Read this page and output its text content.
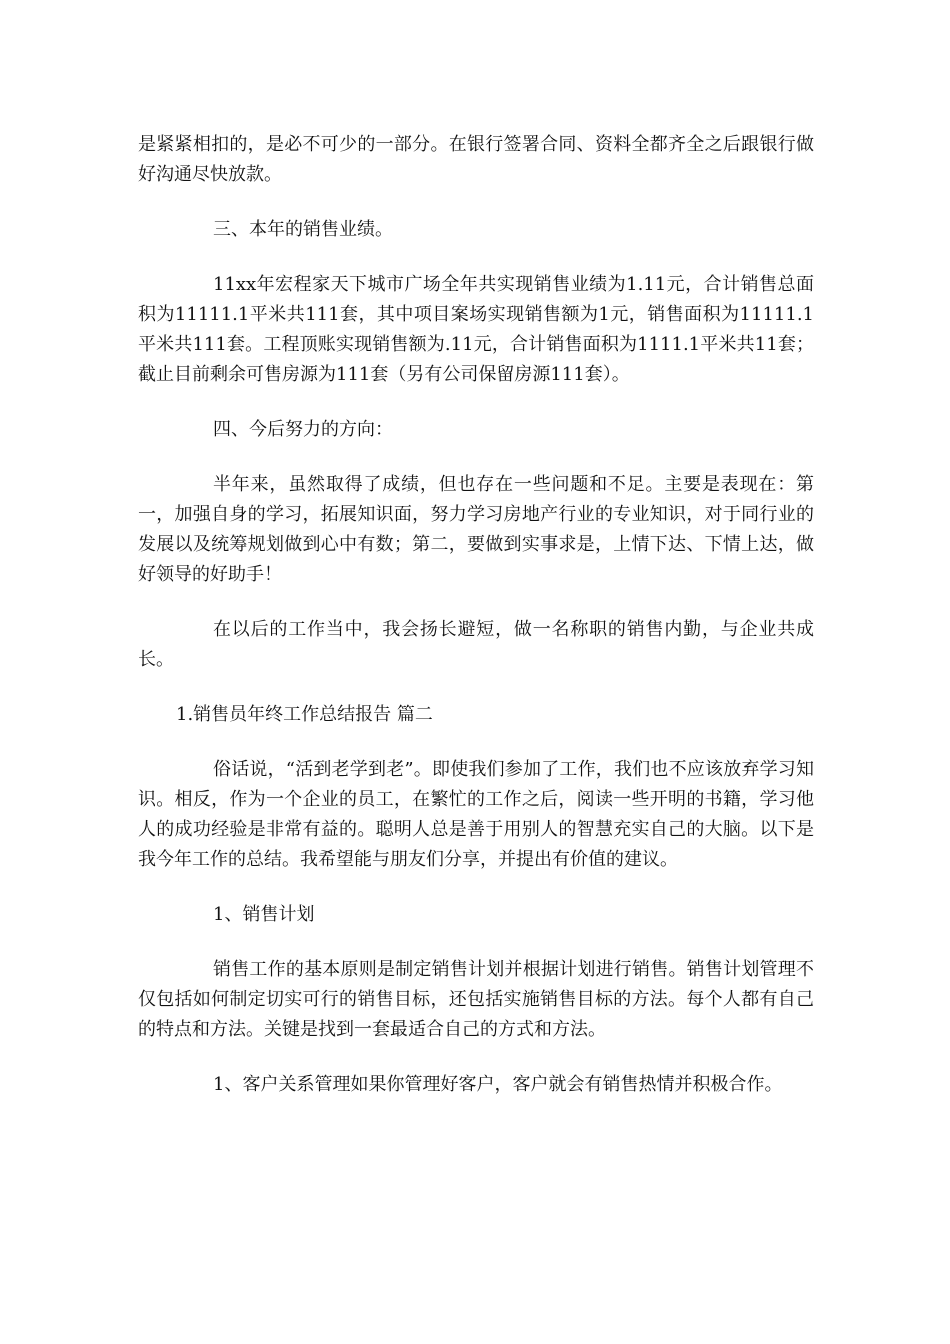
是紧紧相扣的，是必不可少的一部分。在银行签署合同、资料全都齐全之后跟银行做好沟通尽快放款。

三、本年的销售业绩。

11xx年宏程家天下城市广场全年共实现销售业绩为1.11元，合计销售总面积为11111.1平米共111套，其中项目案场实现销售额为1元，销售面积为11111.1平米共111套。工程顶账实现销售额为.11元，合计销售面积为1111.1平米共11套；截止目前剩余可售房源为111套（另有公司保留房源111套）。

四、今后努力的方向：

半年来，虽然取得了成绩，但也存在一些问题和不足。主要是表现在：第一，加强自身的学习，拓展知识面，努力学习房地产行业的专业知识，对于同行业的发展以及统筹规划做到心中有数；第二，要做到实事求是，上情下达、下情上达，做好领导的好助手！

在以后的工作当中，我会扬长避短，做一名称职的销售内勤，与企业共成长。

1.销售员年终工作总结报告 篇二

俗话说，“活到老学到老”。即使我们参加了工作，我们也不应该放弃学习知识。相反，作为一个企业的员工，在繁忙的工作之后，阅读一些开明的书籍，学习他人的成功经验是非常有益的。聪明人总是善于用别人的智慧充实自己的大脑。以下是我今年工作的总结。我希望能与朋友们分享，并提出有价值的建议。

1、销售计划

销售工作的基本原则是制定销售计划并根据计划进行销售。销售计划管理不仅包括如何制定切实可行的销售目标，还包括实施销售目标的方法。每个人都有自己的特点和方法。关键是找到一套最适合自己的方式和方法。

1、客户关系管理如果你管理好客户，客户就会有销售热情并积极合作。
